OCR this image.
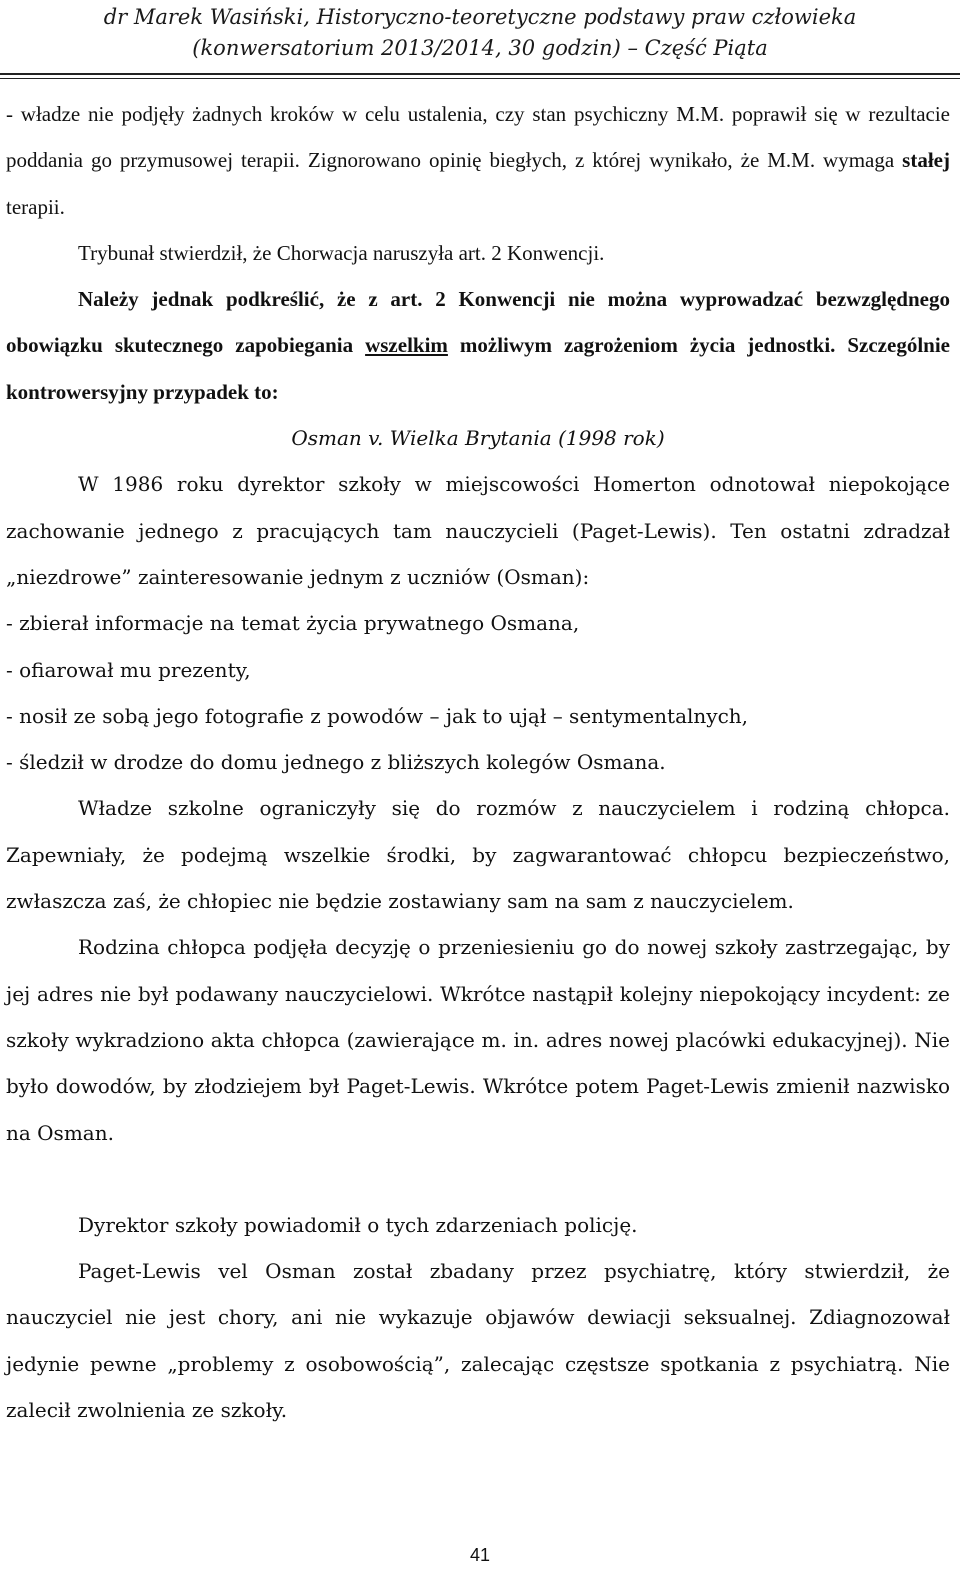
dr Marek Wasiński, Historyczno-teoretyczne podstawy praw człowieka
(konwersatorium 2013/2014, 30 godzin) – Część Piąta

- władze nie podjęły żadnych kroków w celu ustalenia, czy stan psychiczny M.M. poprawił się w rezultacie poddania go przymusowej terapii. Zignorowano opinię biegłych, z której wynikało, że M.M. wymaga stałej terapii.

Trybunał stwierdził, że Chorwacja naruszyła art. 2 Konwencji.

Należy jednak podkreślić, że z art. 2 Konwencji nie można wyprowadzać bezwzględnego obowiązku skutecznego zapobiegania wszelkim możliwym zagrożeniom życia jednostki. Szczególnie kontrowersyjny przypadek to:

Osman v. Wielka Brytania (1998 rok)

W 1986 roku dyrektor szkoły w miejscowości Homerton odnotował niepokojące zachowanie jednego z pracujących tam nauczycieli (Paget-Lewis). Ten ostatni zdradzał „niezdrowe” zainteresowanie jednym z uczniów (Osman):

- zbierał informacje na temat życia prywatnego Osmana,

- ofiarował mu prezenty,

- nosił ze sobą jego fotografie z powodów – jak to ujął – sentymentalnych,

- śledził w drodze do domu jednego z bliższych kolegów Osmana.

Władze szkolne ograniczyły się do rozmów z nauczycielem i rodziną chłopca. Zapewniały, że podejmą wszelkie środki, by zagwarantować chłopcu bezpieczeństwo, zwłaszcza zaś, że chłopiec nie będzie zostawiany sam na sam z nauczycielem.

Rodzina chłopca podjęła decyzję o przeniesieniu go do nowej szkoły zastrzegając, by jej adres nie był podawany nauczycielowi. Wkrótce nastąpił kolejny niepokojący incydent: ze szkoły wykradziono akta chłopca (zawierające m. in. adres nowej placówki edukacyjnej). Nie było dowodów, by złodziejem był Paget-Lewis. Wkrótce potem Paget-Lewis zmienił nazwisko na Osman.

Dyrektor szkoły powiadomił o tych zdarzeniach policję.

Paget-Lewis vel Osman został zbadany przez psychiatrę, który stwierdził, że nauczyciel nie jest chory, ani nie wykazuje objawów dewiacji seksualnej. Zdiagnozował jedynie pewne „problemy z osobowością”, zalecając częstsze spotkania z psychiatrą. Nie zalecił zwolnienia ze szkoły.

41
